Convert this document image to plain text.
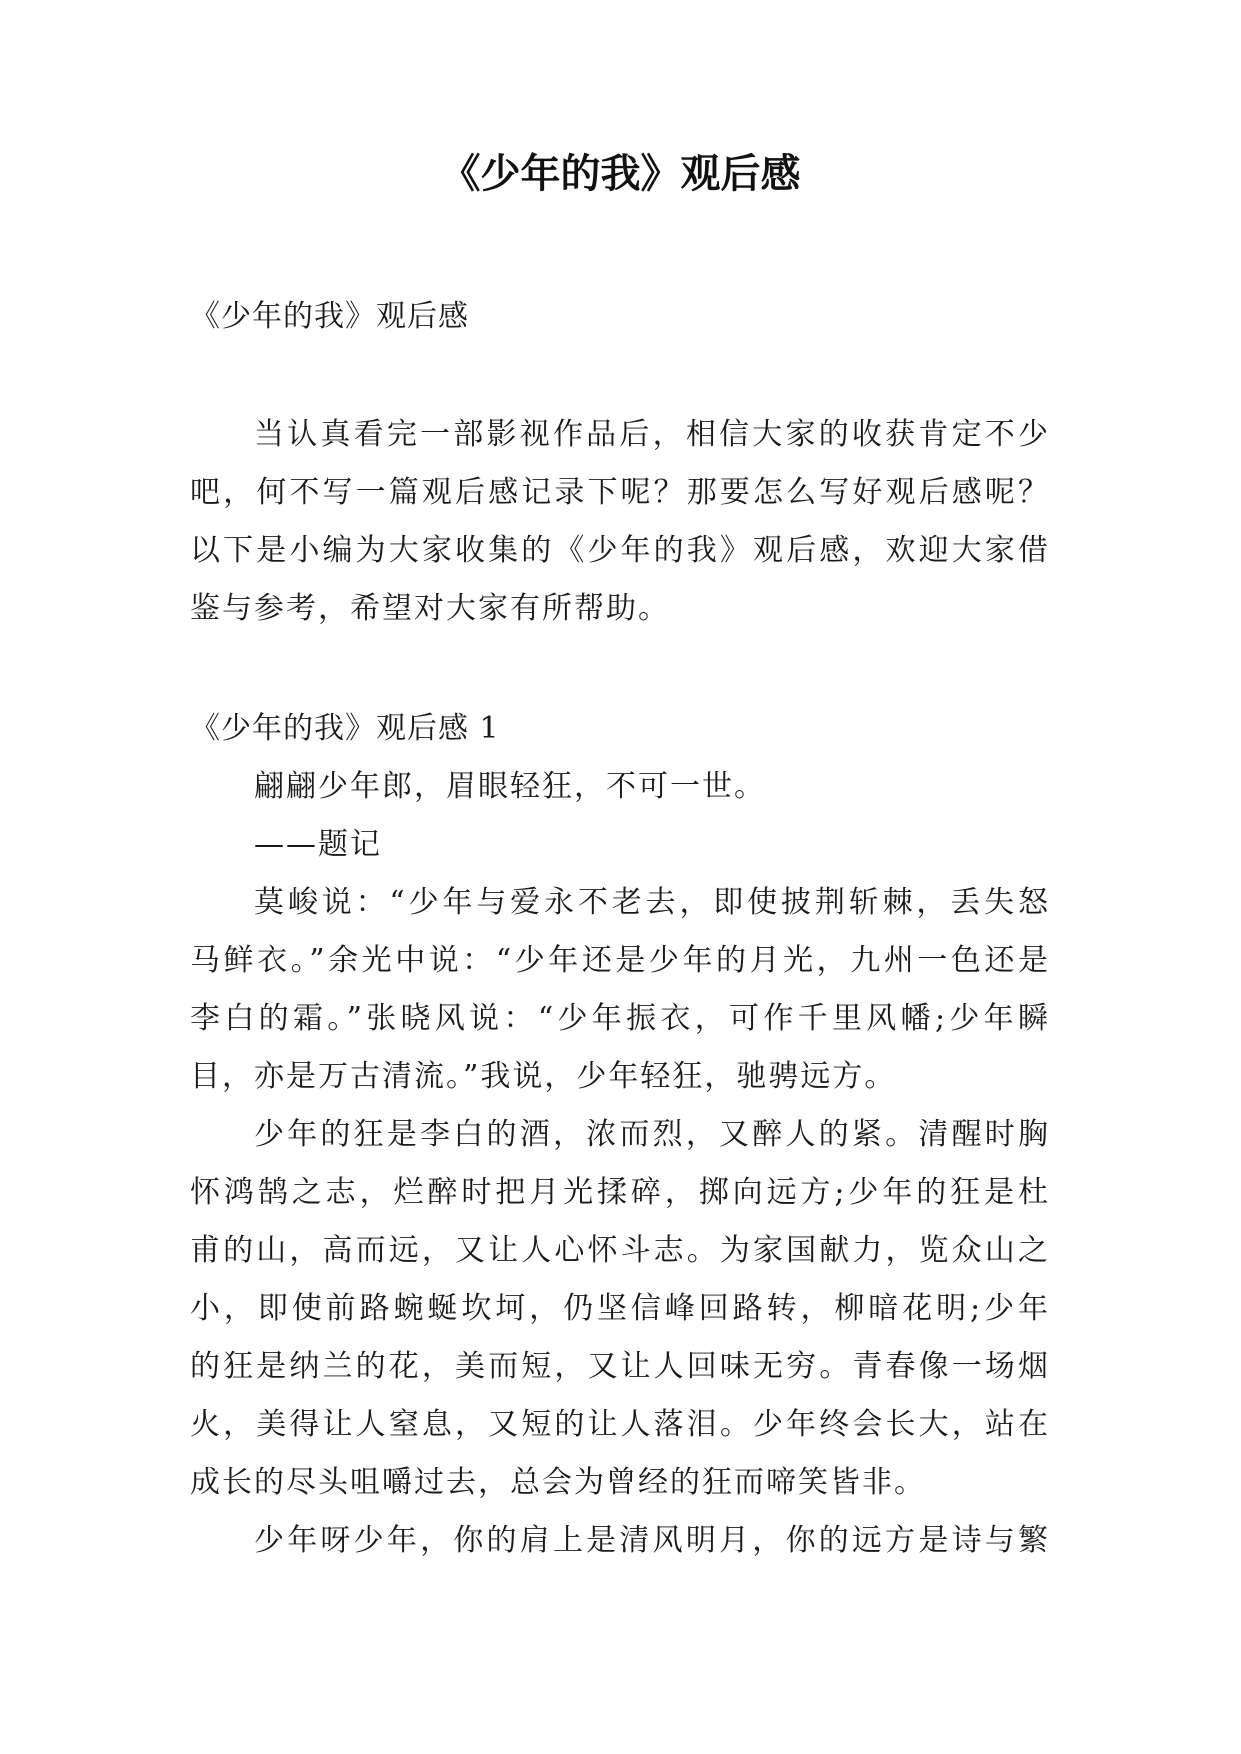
《少年的我》观后感

《少年的我》观后感

当认真看完一部影视作品后，相信大家的收获肯定不少

吧，何不写一篇观后感记录下呢？那要怎么写好观后感呢？

以下是小编为大家收集的《少年的我》观后感，欢迎大家借

鉴与参考，希望对大家有所帮助。

《少年的我》观后感 1

翩翩少年郎，眉眼轻狂，不可一世。

——题记

莫峻说：“少年与爱永不老去，即使披荆斩棘，丢失怒

马鲜衣。”余光中说：“少年还是少年的月光，九州一色还是

李白的霜。”张晓风说：“少年振衣，可作千里风幡;少年瞬

目，亦是万古清流。”我说，少年轻狂，驰骋远方。

少年的狂是李白的酒，浓而烈，又醉人的紧。清醒时胸

怀鸿鹄之志，烂醉时把月光揉碎，掷向远方;少年的狂是杜

甫的山，高而远，又让人心怀斗志。为家国献力，览众山之

小，即使前路蜿蜒坎坷，仍坚信峰回路转，柳暗花明;少年

的狂是纳兰的花，美而短，又让人回味无穷。青春像一场烟

火，美得让人窒息，又短的让人落泪。少年终会长大，站在

成长的尽头咀嚼过去，总会为曾经的狂而啼笑皆非。

少年呀少年，你的肩上是清风明月，你的远方是诗与繁
